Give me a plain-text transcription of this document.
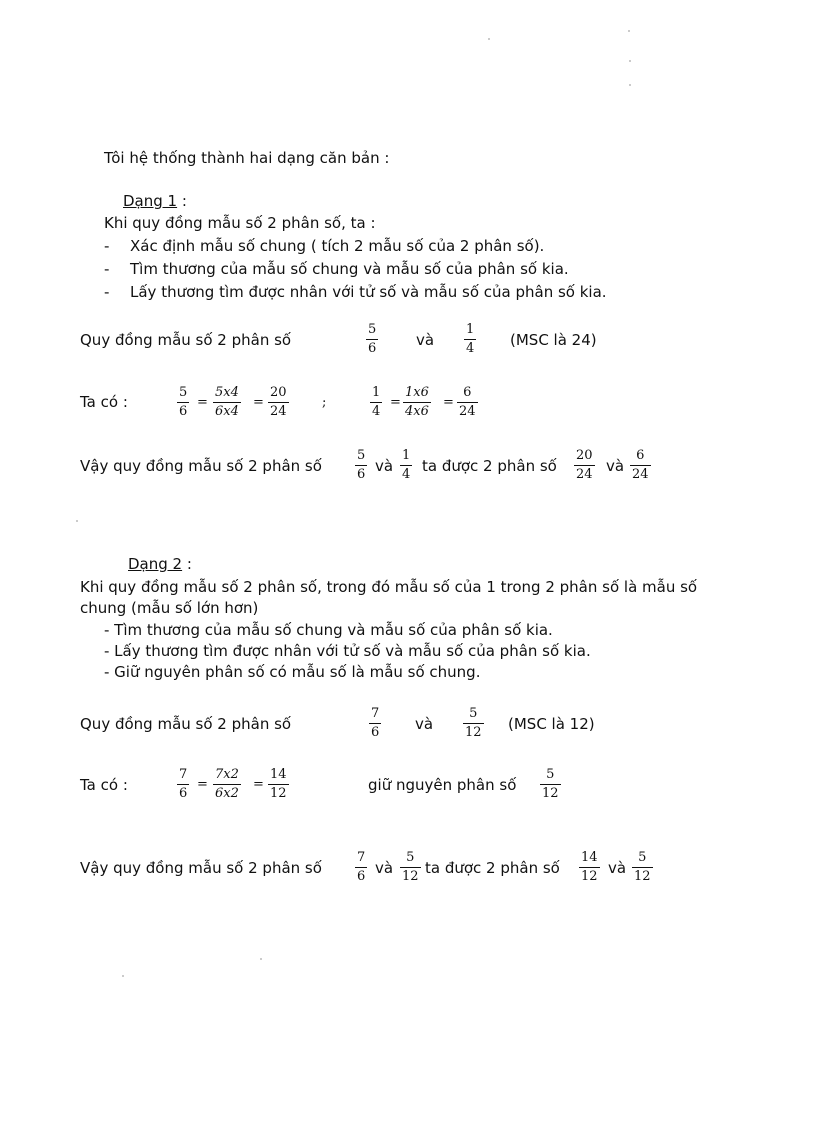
Tôi hệ thống thành hai dạng căn bản :
Dạng 1 :
Khi quy đồng mẫu số 2 phân số, ta :
- Xác định mẫu số chung ( tích 2 mẫu số của 2 phân số).
- Tìm thương của mẫu số chung và mẫu số của phân số kia.
- Lấy thương tìm được nhân với tử số và mẫu số của phân số kia.
Quy đồng mẫu số 2 phân số	$\frac{5}{6}$	và $\frac{1}{4} (MSC$ là 24)
Ta có :	$\frac{5}{6} = \frac{5x4}{6x4} = \frac{20}{24}$	;	$\frac{1}{4} = \frac{1x6}{4x6} = \frac{6}{24}$
Vậy quy đồng mẫu số 2 phân số	$\frac{5}{6}$ và $\frac{1}{4}$ ta được 2 phân số $\frac{20}{24}$ và $\frac{6}{24}$
Dạng 2 :
Khi quy đồng mẫu số 2 phân số, trong đó mẫu số của 1 trong 2 phân số là mẫu số
chung (mẫu số lớn hơn)
- Tìm thương của mẫu số chung và mẫu số của phân số kia.
- Lấy thương tìm được nhân với tử số và mẫu số của phân số kia.
- Giữ nguyên phân số có mẫu số là mẫu số chung.
Quy đồng mẫu số 2 phân số	$\frac{7}{6}$ và $\frac{5}{12} (MSC$ là 12)
Ta có :	$\frac{7}{6} = \frac{7x2}{6x2} = \frac{14}{12}$	giữ nguyên phân số $\frac{5}{12}$
Vậy quy đồng mẫu số 2 phân số	$\frac{7}{6}$ và $\frac{5}{12}$ ta được 2 phân số $\frac{14}{12}$ và $\frac{5}{12}$
